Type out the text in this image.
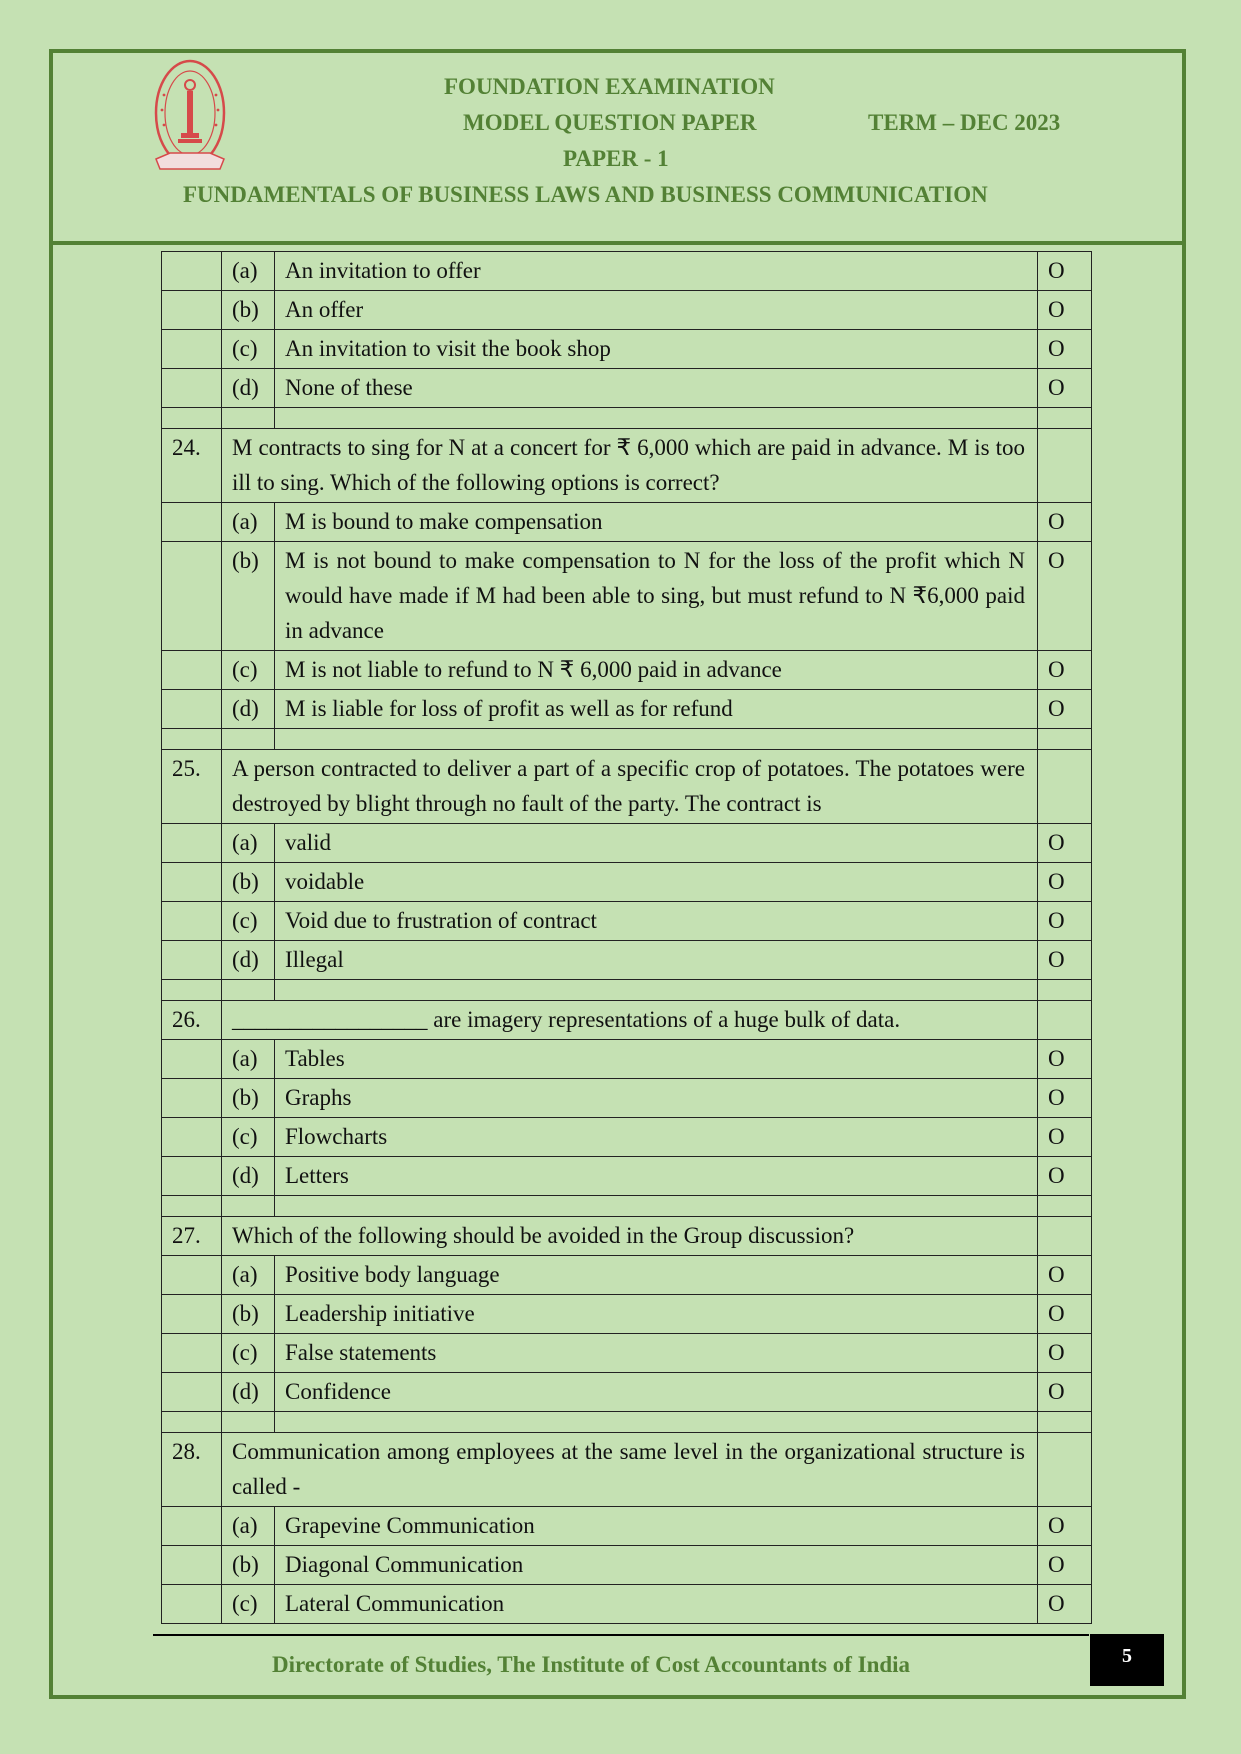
FOUNDATION EXAMINATION
MODEL QUESTION PAPER	TERM – DEC 2023
PAPER - 1
FUNDAMENTALS OF BUSINESS LAWS AND BUSINESS COMMUNICATION
	(a)	An invitation to offer	O
	(b)	An offer	O
	(c)	An invitation to visit the book shop	O
	(d)	None of these	O

24.	M contracts to sing for N at a concert for ₹ 6,000 which are paid in advance. M is too ill to sing. Which of the following options is correct?		
	(a)	M is bound to make compensation	O
	(b)	M is not bound to make compensation to N for the loss of the profit which N would have made if M had been able to sing, but must refund to N ₹6,000 paid in advance	O
	(c)	M is not liable to refund to N ₹ 6,000 paid in advance	O
	(d)	M is liable for loss of profit as well as for refund	O

25.	A person contracted to deliver a part of a specific crop of potatoes. The potatoes were destroyed by blight through no fault of the party. The contract is		
	(a)	valid	O
	(b)	voidable	O
	(c)	Void due to frustration of contract	O
	(d)	Illegal	O

26.	_________________ are imagery representations of a huge bulk of data.		
	(a)	Tables	O
	(b)	Graphs	O
	(c)	Flowcharts	O
	(d)	Letters	O

27.	Which of the following should be avoided in the Group discussion?		
	(a)	Positive body language	O
	(b)	Leadership initiative	O
	(c)	False statements	O
	(d)	Confidence	O

28.	Communication among employees at the same level in the organizational structure is called -		
	(a)	Grapevine Communication	O
	(b)	Diagonal Communication	O
	(c)	Lateral Communication	O
Directorate of Studies, The Institute of Cost Accountants of India	5
